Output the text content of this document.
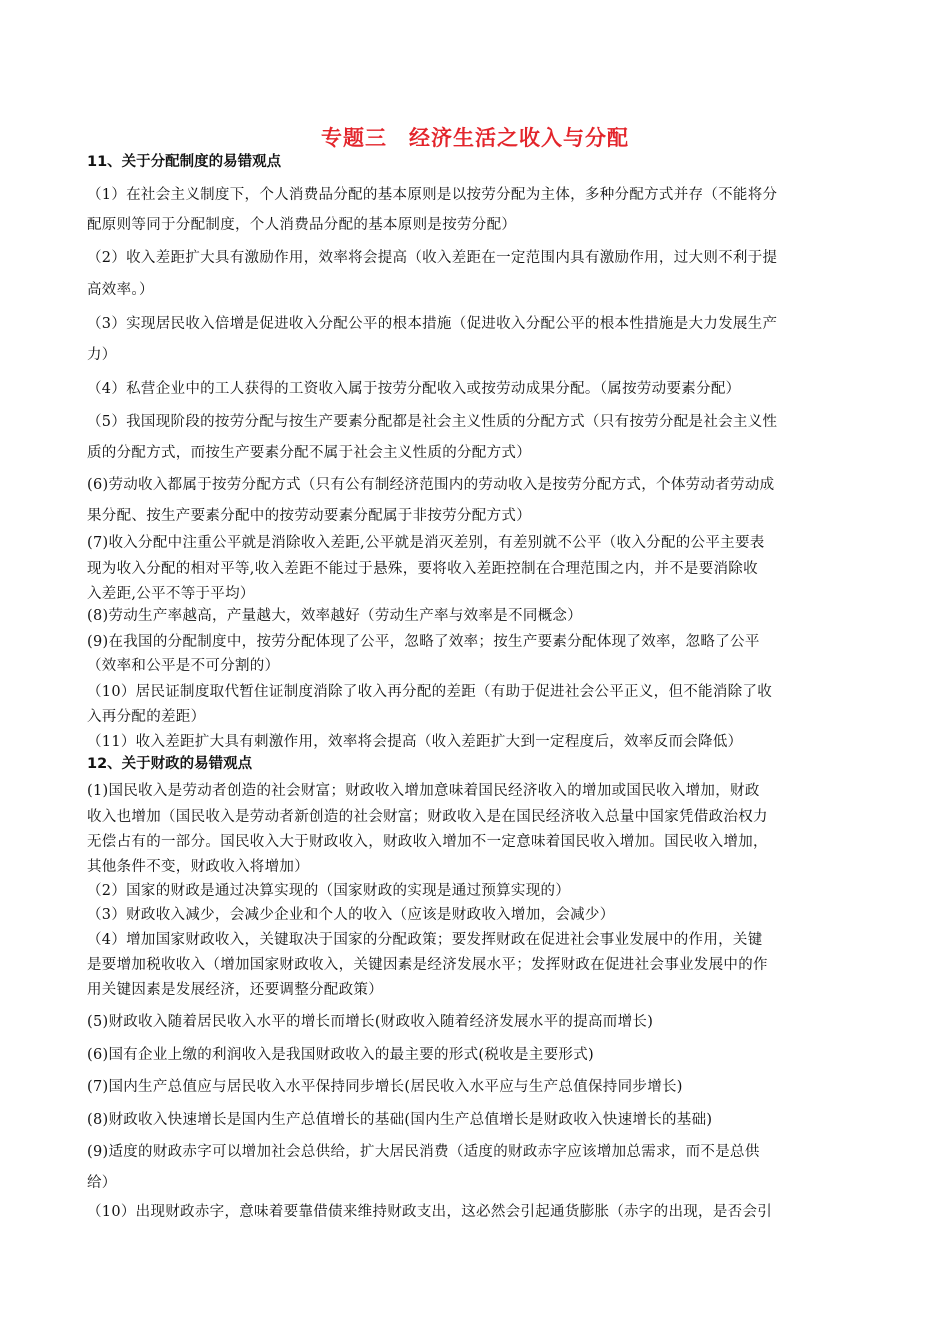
专题三　经济生活之收入与分配
11、关于分配制度的易错观点
（1）在社会主义制度下，个人消费品分配的基本原则是以按劳分配为主体，多种分配方式并存（不能将分
配原则等同于分配制度，个人消费品分配的基本原则是按劳分配）
（2）收入差距扩大具有激励作用，效率将会提高（收入差距在一定范围内具有激励作用，过大则不利于提
高效率。）
（3）实现居民收入倍增是促进收入分配公平的根本措施（促进收入分配公平的根本性措施是大力发展生产
力）
（4）私营企业中的工人获得的工资收入属于按劳分配收入或按劳动成果分配。（属按劳动要素分配）
（5）我国现阶段的按劳分配与按生产要素分配都是社会主义性质的分配方式（只有按劳分配是社会主义性
质的分配方式，而按生产要素分配不属于社会主义性质的分配方式）
(6)劳动收入都属于按劳分配方式（只有公有制经济范围内的劳动收入是按劳分配方式，个体劳动者劳动成
果分配、按生产要素分配中的按劳动要素分配属于非按劳分配方式）
(7)收入分配中注重公平就是消除收入差距,公平就是消灭差别，有差别就不公平（收入分配的公平主要表
现为收入分配的相对平等,收入差距不能过于悬殊，要将收入差距控制在合理范围之内，并不是要消除收
入差距,公平不等于平均）
(8)劳动生产率越高，产量越大，效率越好（劳动生产率与效率是不同概念）
(9)在我国的分配制度中，按劳分配体现了公平，忽略了效率；按生产要素分配体现了效率，忽略了公平
（效率和公平是不可分割的）
（10）居民证制度取代暂住证制度消除了收入再分配的差距（有助于促进社会公平正义，但不能消除了收
入再分配的差距）
（11）收入差距扩大具有刺激作用，效率将会提高（收入差距扩大到一定程度后，效率反而会降低）
12、关于财政的易错观点
(1)国民收入是劳动者创造的社会财富；财政收入增加意味着国民经济收入的增加或国民收入增加，财政
收入也增加（国民收入是劳动者新创造的社会财富；财政收入是在国民经济收入总量中国家凭借政治权力
无偿占有的一部分。国民收入大于财政收入，财政收入增加不一定意味着国民收入增加。国民收入增加，
其他条件不变，财政收入将增加）
（2）国家的财政是通过决算实现的（国家财政的实现是通过预算实现的）
（3）财政收入减少，会减少企业和个人的收入（应该是财政收入增加，会减少）
（4）增加国家财政收入，关键取决于国家的分配政策；要发挥财政在促进社会事业发展中的作用，关键
是要增加税收收入（增加国家财政收入，关键因素是经济发展水平；发挥财政在促进社会事业发展中的作
用关键因素是发展经济，还要调整分配政策）
(5)财政收入随着居民收入水平的增长而增长(财政收入随着经济发展水平的提高而增长)
(6)国有企业上缴的利润收入是我国财政收入的最主要的形式(税收是主要形式)
(7)国内生产总值应与居民收入水平保持同步增长(居民收入水平应与生产总值保持同步增长)
(8)财政收入快速增长是国内生产总值增长的基础(国内生产总值增长是财政收入快速增长的基础)
(9)适度的财政赤字可以增加社会总供给，扩大居民消费（适度的财政赤字应该增加总需求，而不是总供
给）
（10）出现财政赤字，意味着要靠借债来维持财政支出，这必然会引起通货膨胀（赤字的出现，是否会引
